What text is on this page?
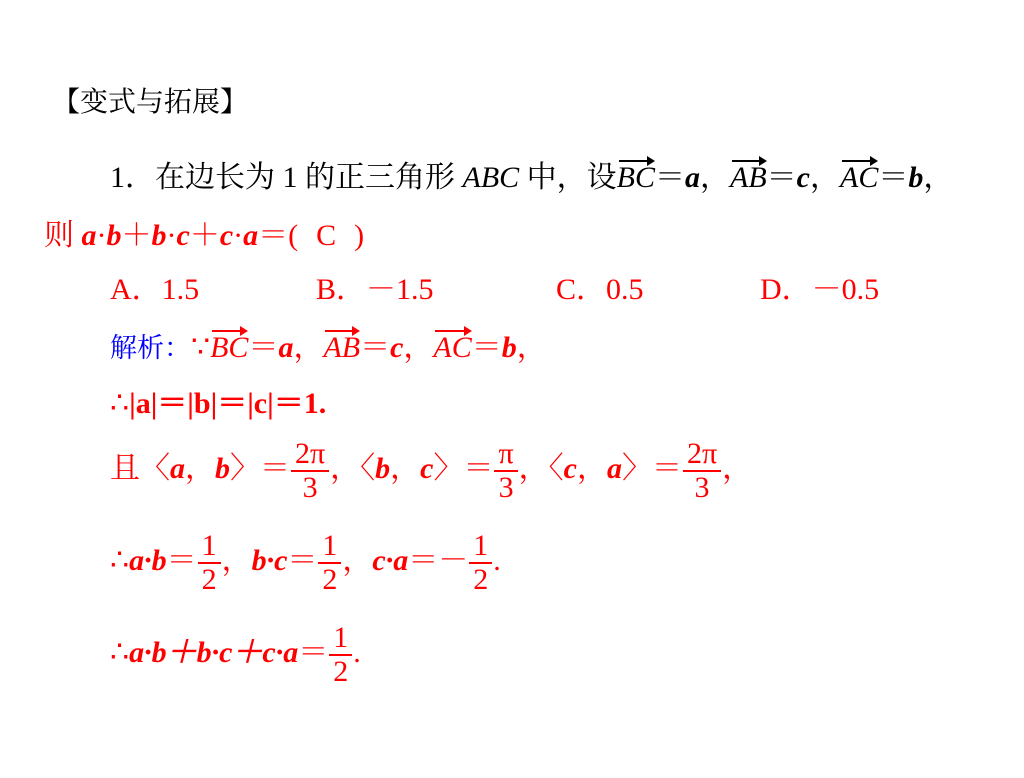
【变式与拓展】
1．在边长为 1 的正三角形 ABC 中，设BC＝a，AB＝c，AC＝b，
则 a·b＋b·c＋c·a＝( C )
A．1.5	B．－1.5	C．0.5	D．－0.5
解析：∵BC＝a，AB＝c，AC＝b，
∴|a|＝|b|＝|c|＝1.
且〈a，b〉＝ $\frac{2\pi}{3}$ ，〈b，c〉＝ $\frac{\pi}{3}$ ，〈c，a〉＝ $\frac{2\pi}{3}$ ，
∴a·b＝ $\frac{1}{2}$ ，$b\cdot c= \frac{1}{2}$ ，$c\cdot a=- \frac{1}{2}$ .
∴a·b＋b·c＋c·a＝ $\frac{1}{2}$ .
